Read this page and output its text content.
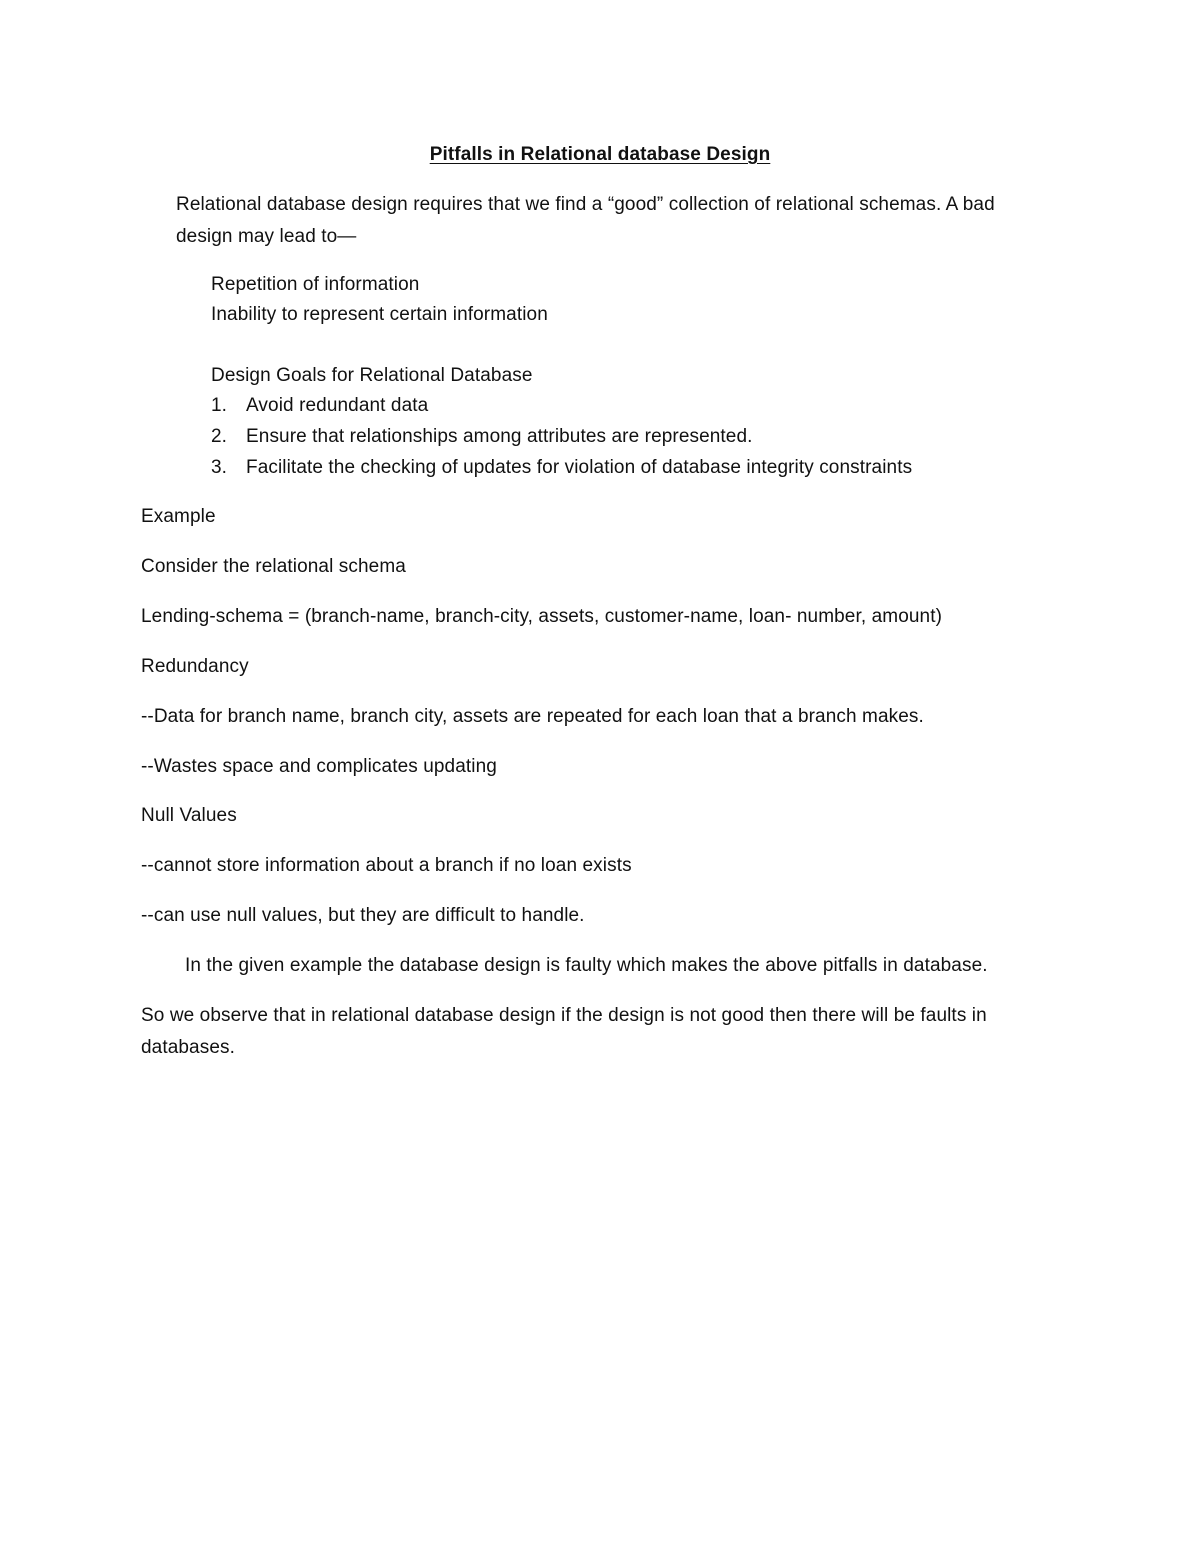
Pitfalls in Relational database Design
Relational database design requires that we find a “good” collection of relational schemas. A bad
design may lead to—
Repetition of information
Inability to represent certain information
Design Goals for Relational Database
1. Avoid redundant data
2. Ensure that relationships among attributes are represented.
3. Facilitate the checking of updates for violation of database integrity constraints
Example
Consider the relational schema
Lending-schema = (branch-name, branch-city, assets, customer-name, loan- number, amount)
Redundancy
--Data for branch name, branch city, assets are repeated for each loan that a branch makes.
--Wastes space and complicates updating
Null Values
--cannot store information about a branch if no loan exists
--can use null values, but they are difficult to handle.
In the given example the database design is faulty which makes the above pitfalls in database.
So we observe that in relational database design if the design is not good then there will be faults in
databases.
